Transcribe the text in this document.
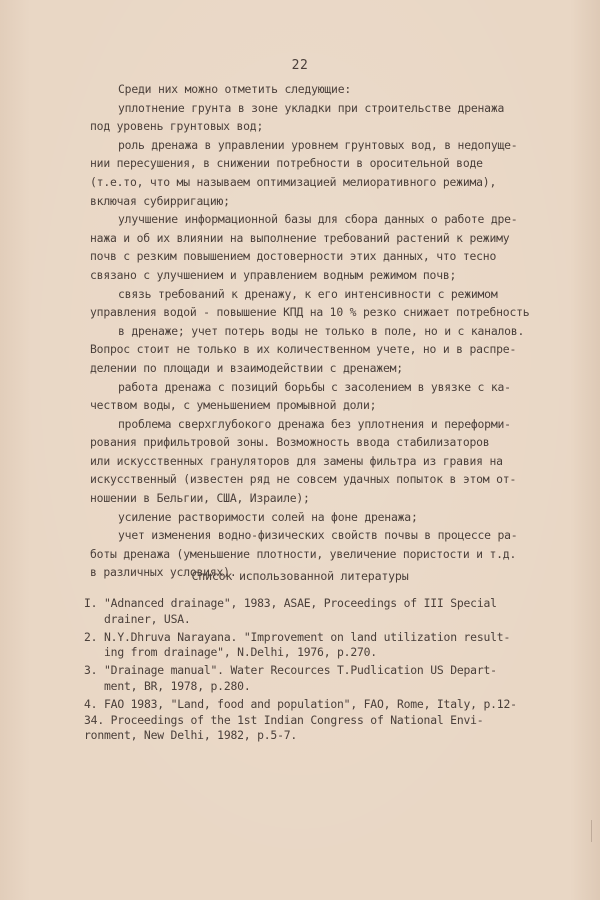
22
Среди них можно отметить следующие:
уплотнение грунта в зоне укладки при строительстве дренажа
под уровень грунтовых вод;
роль дренажа в управлении уровнем грунтовых вод, в недопуще-
нии пересушения, в снижении потребности в оросительной воде
(т.е.то, что мы называем оптимизацией мелиоративного режима),
включая субирригацию;
улучшение информационной базы для сбора данных о работе дре-
нажа и об их влиянии на выполнение требований растений к режиму
почв с резким повышением достоверности этих данных, что тесно
связано с улучшением и управлением водным режимом почв;
связь требований к дренажу, к его интенсивности с режимом
управления водой - повышение КПД на 10 % резко снижает потребность
в дренаже; учет потерь воды не только в поле, но и с каналов.
Вопрос стоит не только в их количественном учете, но и в распре-
делении по площади и взаимодействии с дренажем;
работа дренажа с позиций борьбы с засолением в увязке с ка-
чеством воды, с уменьшением промывной доли;
проблема сверхглубокого дренажа без уплотнения и переформи-
рования прифильтровой зоны. Возможность ввода стабилизаторов
или искусственных грануляторов для замены фильтра из гравия на
искусственный (известен ряд не совсем удачных попыток в этом от-
ношении в Бельгии, США, Израиле);
усиление растворимости солей на фоне дренажа;
учет изменения водно-физических свойств почвы в процессе ра-
боты дренажа (уменьшение плотности, увеличение пористости и т.д.
в различных условиях).
Список использованной литературы
I. "Adnanced drainage", 1983, ASAE, Proceedings of III Special
drainer, USA.
2. N.Y.Dhruva Narayana. "Improvement on land utilization result-
ing from drainage", N.Delhi, 1976, p.270.
3. "Drainage manual". Water Recources T.Pudlication US Depart-
ment, BR, 1978, p.280.
4. FAO 1983, "Land, food and population", FAO, Rome, Italy, p.12-
34. Proceedings of the 1st Indian Congress of National Envi-
ronment, New Delhi, 1982, p.5-7.
